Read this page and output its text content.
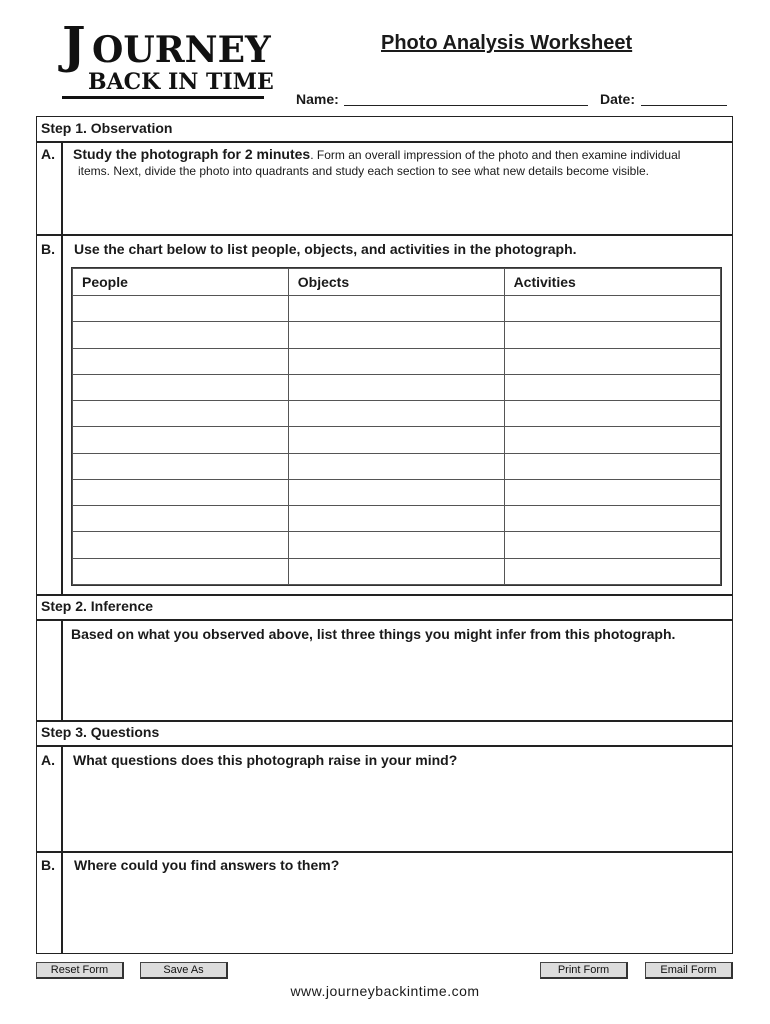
J OURNEY
BACK IN TIME
Photo Analysis Worksheet
Name:	Date:
Step 1. Observation
A. Study the photograph for 2 minutes. Form an overall impression of the photo and then examine individual
items. Next, divide the photo into quadrants and study each section to see what new details become visible.
B. Use the chart below to list people, objects, and activities in the photograph.
People	Objects	Activities

Step 2. Inference
Based on what you observed above, list three things you might infer from this photograph.
Step 3. Questions
A. What questions does this photograph raise in your mind?
B. Where could you find answers to them?
Reset Form	Save As	Print Form	Email Form
www.journeybackintime.com
